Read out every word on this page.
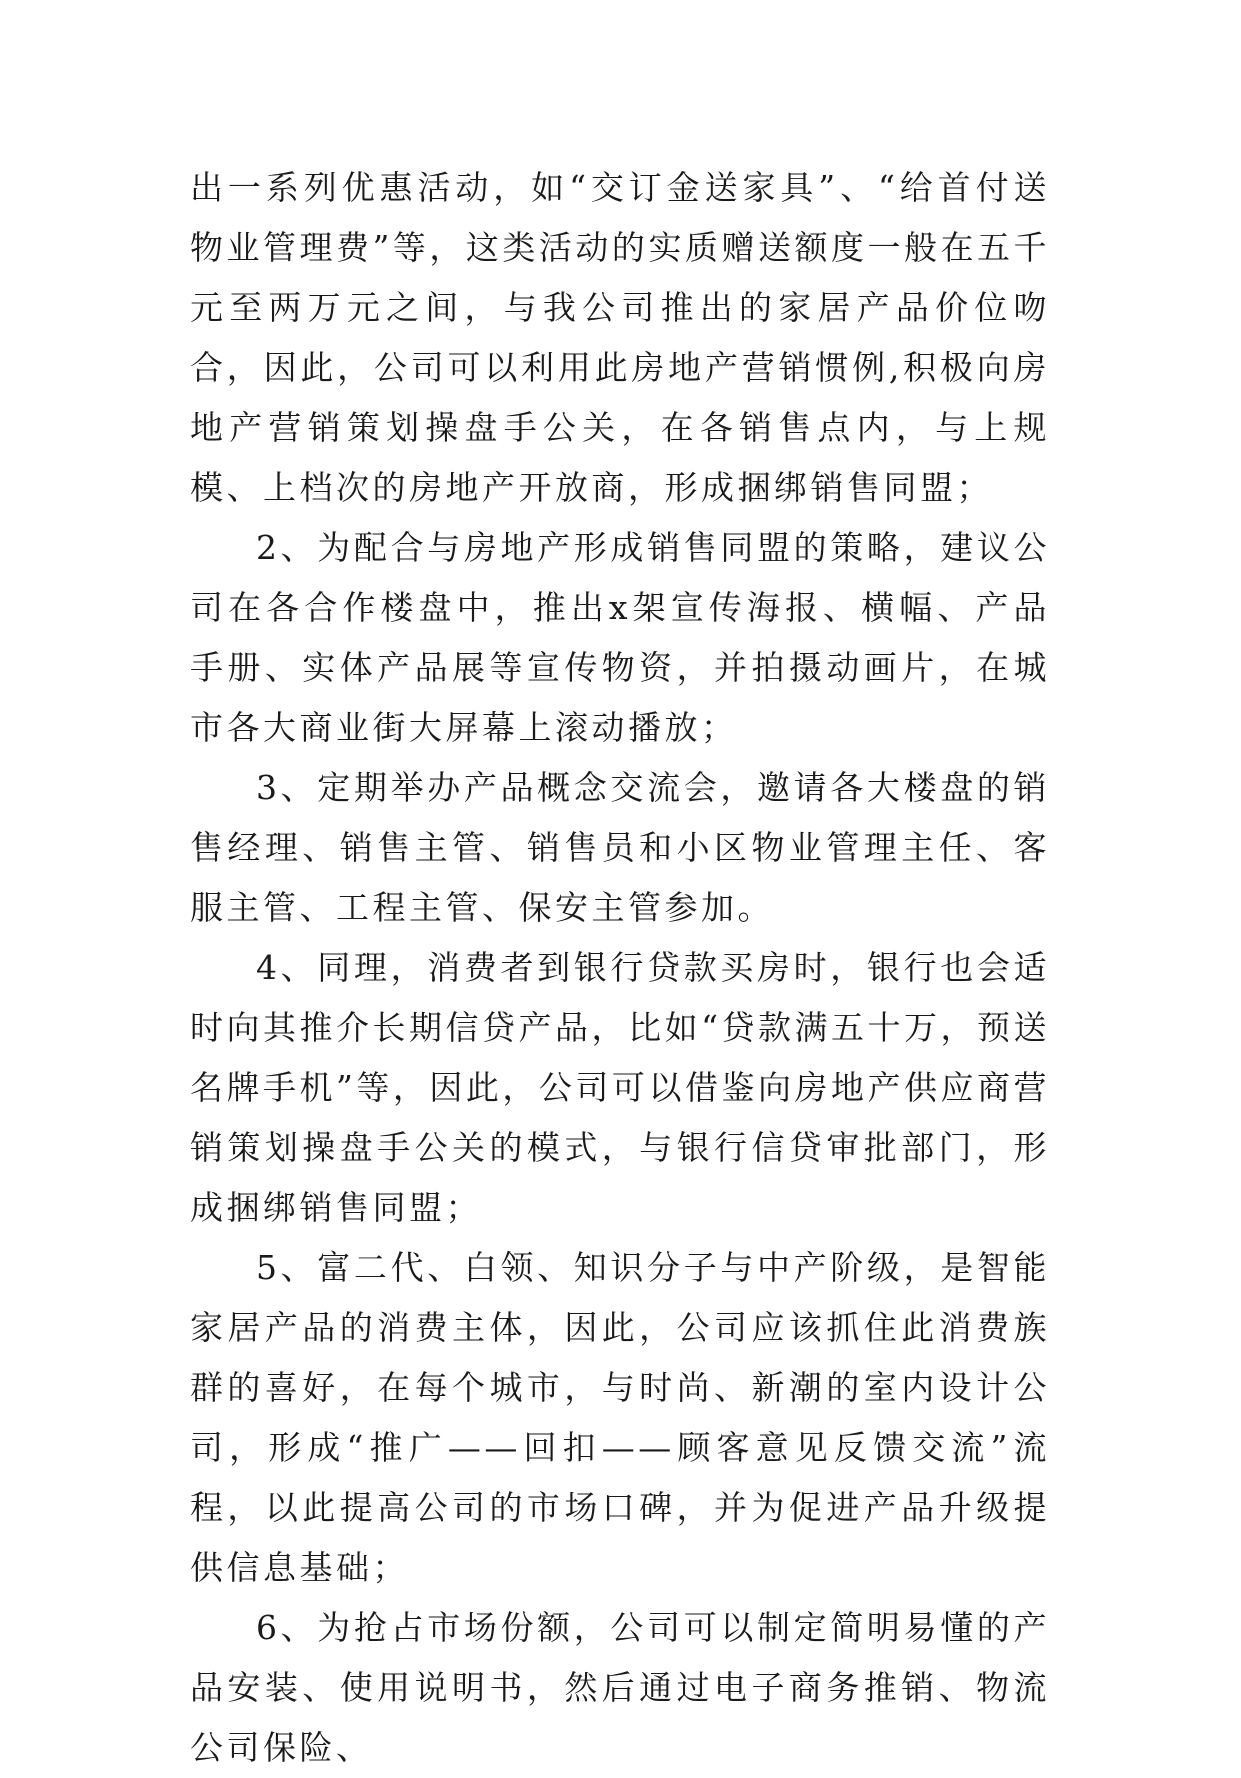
出一系列优惠活动，如“交订金送家具”、“给首付送物业管理费”等，这类活动的实质赠送额度一般在五千元至两万元之间，与我公司推出的家居产品价位吻合，因此，公司可以利用此房地产营销惯例,积极向房地产营销策划操盘手公关，在各销售点内，与上规模、上档次的房地产开放商，形成捆绑销售同盟；

2、为配合与房地产形成销售同盟的策略，建议公司在各合作楼盘中，推出x架宣传海报、横幅、产品手册、实体产品展等宣传物资，并拍摄动画片，在城市各大商业街大屏幕上滚动播放；

3、定期举办产品概念交流会，邀请各大楼盘的销售经理、销售主管、销售员和小区物业管理主任、客服主管、工程主管、保安主管参加。

4、同理，消费者到银行贷款买房时，银行也会适时向其推介长期信贷产品，比如“贷款满五十万，预送名牌手机”等，因此，公司可以借鉴向房地产供应商营销策划操盘手公关的模式，与银行信贷审批部门，形成捆绑销售同盟；

5、富二代、白领、知识分子与中产阶级，是智能家居产品的消费主体，因此，公司应该抓住此消费族群的喜好，在每个城市，与时尚、新潮的室内设计公司，形成“推广——回扣——顾客意见反馈交流”流程，以此提高公司的市场口碑，并为促进产品升级提供信息基础；

6、为抢占市场份额，公司可以制定简明易懂的产品安装、使用说明书，然后通过电子商务推销、物流公司保险、
